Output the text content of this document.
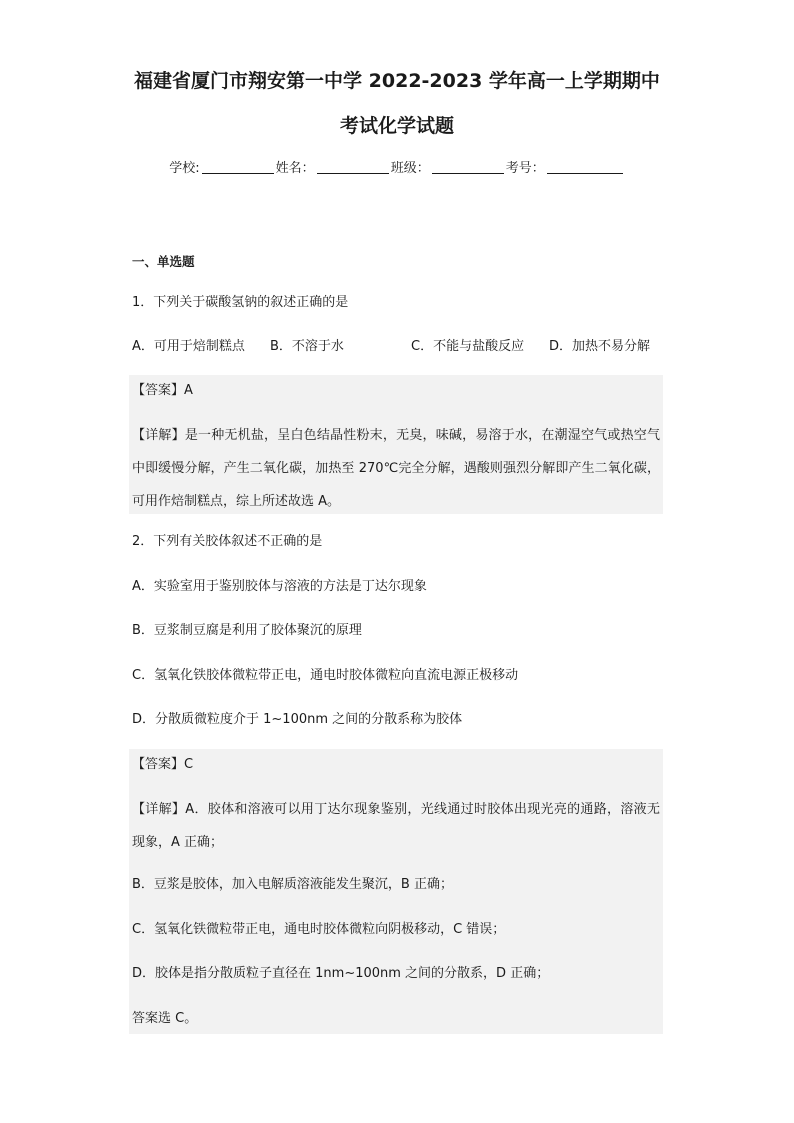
福建省厦门市翔安第一中学 2022-2023 学年高一上学期期中
考试化学试题
学校:	姓名：	班级：	考号：
一、单选题
1．下列关于碳酸氢钠的叙述正确的是
A．可用于焙制糕点 B．不溶于水	C．不能与盐酸反应 D．加热不易分解
【答案】A
【详解】是一种无机盐，呈白色结晶性粉末，无臭，味碱，易溶于水，在潮湿空气或热空气中即缓慢分解，产生二氧化碳，加热至 270℃完全分解，遇酸则强烈分解即产生二氧化碳，可用作焙制糕点，综上所述故选 A。
2．下列有关胶体叙述不正确的是
A．实验室用于鉴别胶体与溶液的方法是丁达尔现象
B．豆浆制豆腐是利用了胶体聚沉的原理
C．氢氧化铁胶体微粒带正电，通电时胶体微粒向直流电源正极移动
D．分散质微粒度介于 1~100nm 之间的分散系称为胶体
【答案】C
【详解】A．胶体和溶液可以用丁达尔现象鉴别，光线通过时胶体出现光亮的通路，溶液无现象，A 正确；
B．豆浆是胶体，加入电解质溶液能发生聚沉，B 正确；
C．氢氧化铁微粒带正电，通电时胶体微粒向阴极移动，C 错误；
D．胶体是指分散质粒子直径在 1nm~100nm 之间的分散系，D 正确；
答案选 C。
